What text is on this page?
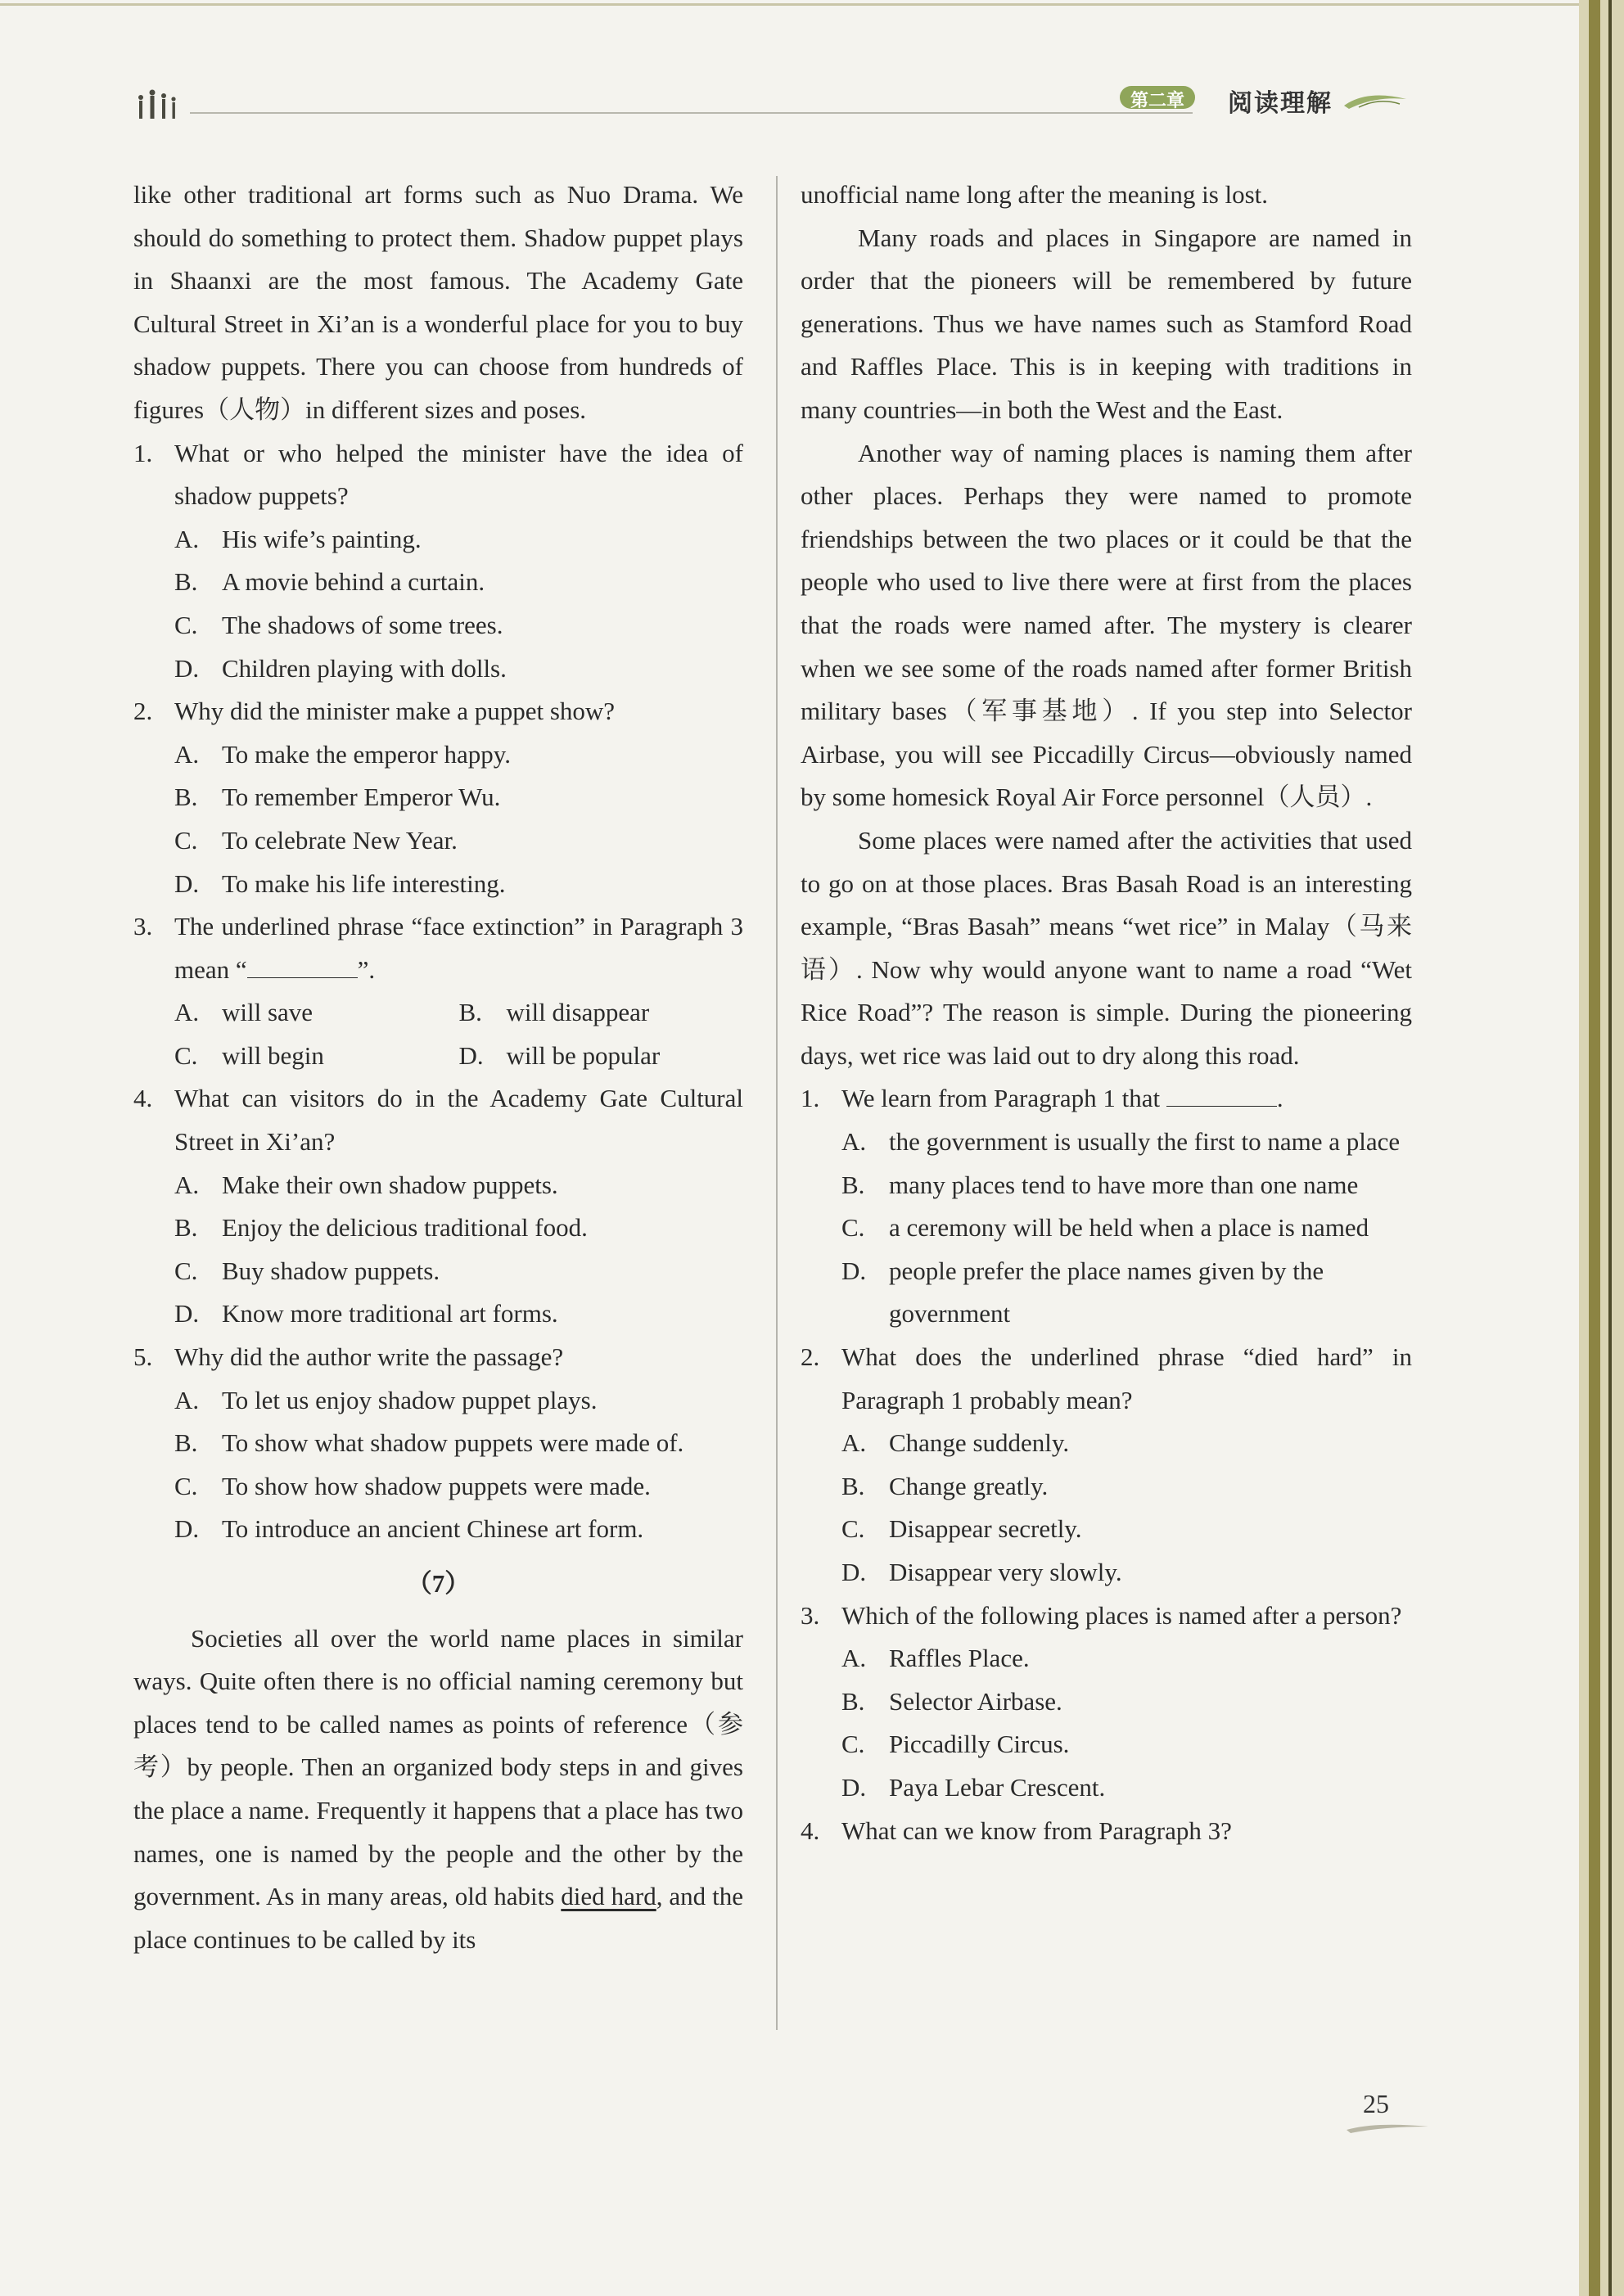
第二章	阅读理解

like other traditional art forms such as Nuo Drama. We should do something to protect them. Shadow puppet plays in Shaanxi are the most famous. The Academy Gate Cultural Street in Xi’an is a wonderful place for you to buy shadow puppets. There you can choose from hundreds of figures（人物）in different sizes and poses.

1. What or who helped the minister have the idea of shadow puppets?

A. His wife’s painting.

B. A movie behind a curtain.

C. The shadows of some trees.

D. Children playing with dolls.

2. Why did the minister make a puppet show?

A. To make the emperor happy.

B. To remember Emperor Wu.

C. To celebrate New Year.

D. To make his life interesting.

3. The underlined phrase “face extinction” in Paragraph 3 mean “	”.

A. will save	B. will disappear
C. will begin	D. will be popular

4. What can visitors do in the Academy Gate Cultural Street in Xi’an?

A. Make their own shadow puppets.

B. Enjoy the delicious traditional food.

C. Buy shadow puppets.

D. Know more traditional art forms.

5. Why did the author write the passage?

A. To let us enjoy shadow puppet plays.

B. To show what shadow puppets were made of.

C. To show how shadow puppets were made.

D. To introduce an ancient Chinese art form.

（7）

Societies all over the world name places in similar ways. Quite often there is no official naming ceremony but places tend to be called names as points of reference（参考）by people. Then an organized body steps in and gives the place a name. Frequently it happens that a place has two names, one is named by the people and the other by the government. As in many areas, old habits died hard, and the place continues to be called by its

unofficial name long after the meaning is lost.

Many roads and places in Singapore are named in order that the pioneers will be remembered by future generations. Thus we have names such as Stamford Road and Raffles Place. This is in keeping with traditions in many countries—in both the West and the East.

Another way of naming places is naming them after other places. Perhaps they were named to promote friendships between the two places or it could be that the people who used to live there were at first from the places that the roads were named after. The mystery is clearer when we see some of the roads named after former British military bases（军事基地）. If you step into Selector Airbase, you will see Piccadilly Circus—obviously named by some homesick Royal Air Force personnel（人员）.

Some places were named after the activities that used to go on at those places. Bras Basah Road is an interesting example, “Bras Basah” means “wet rice” in Malay（马来语）. Now why would anyone want to name a road “Wet Rice Road”? The reason is simple. During the pioneering days, wet rice was laid out to dry along this road.

1. We learn from Paragraph 1 that	.

A. the government is usually the first to name a place

B. many places tend to have more than one name

C. a ceremony will be held when a place is named

D. people prefer the place names given by the government

2. What does the underlined phrase “died hard” in Paragraph 1 probably mean?

A. Change suddenly.

B. Change greatly.

C. Disappear secretly.

D. Disappear very slowly.

3. Which of the following places is named after a person?

A. Raffles Place.

B. Selector Airbase.

C. Piccadilly Circus.

D. Paya Lebar Crescent.

4. What can we know from Paragraph 3?

25
